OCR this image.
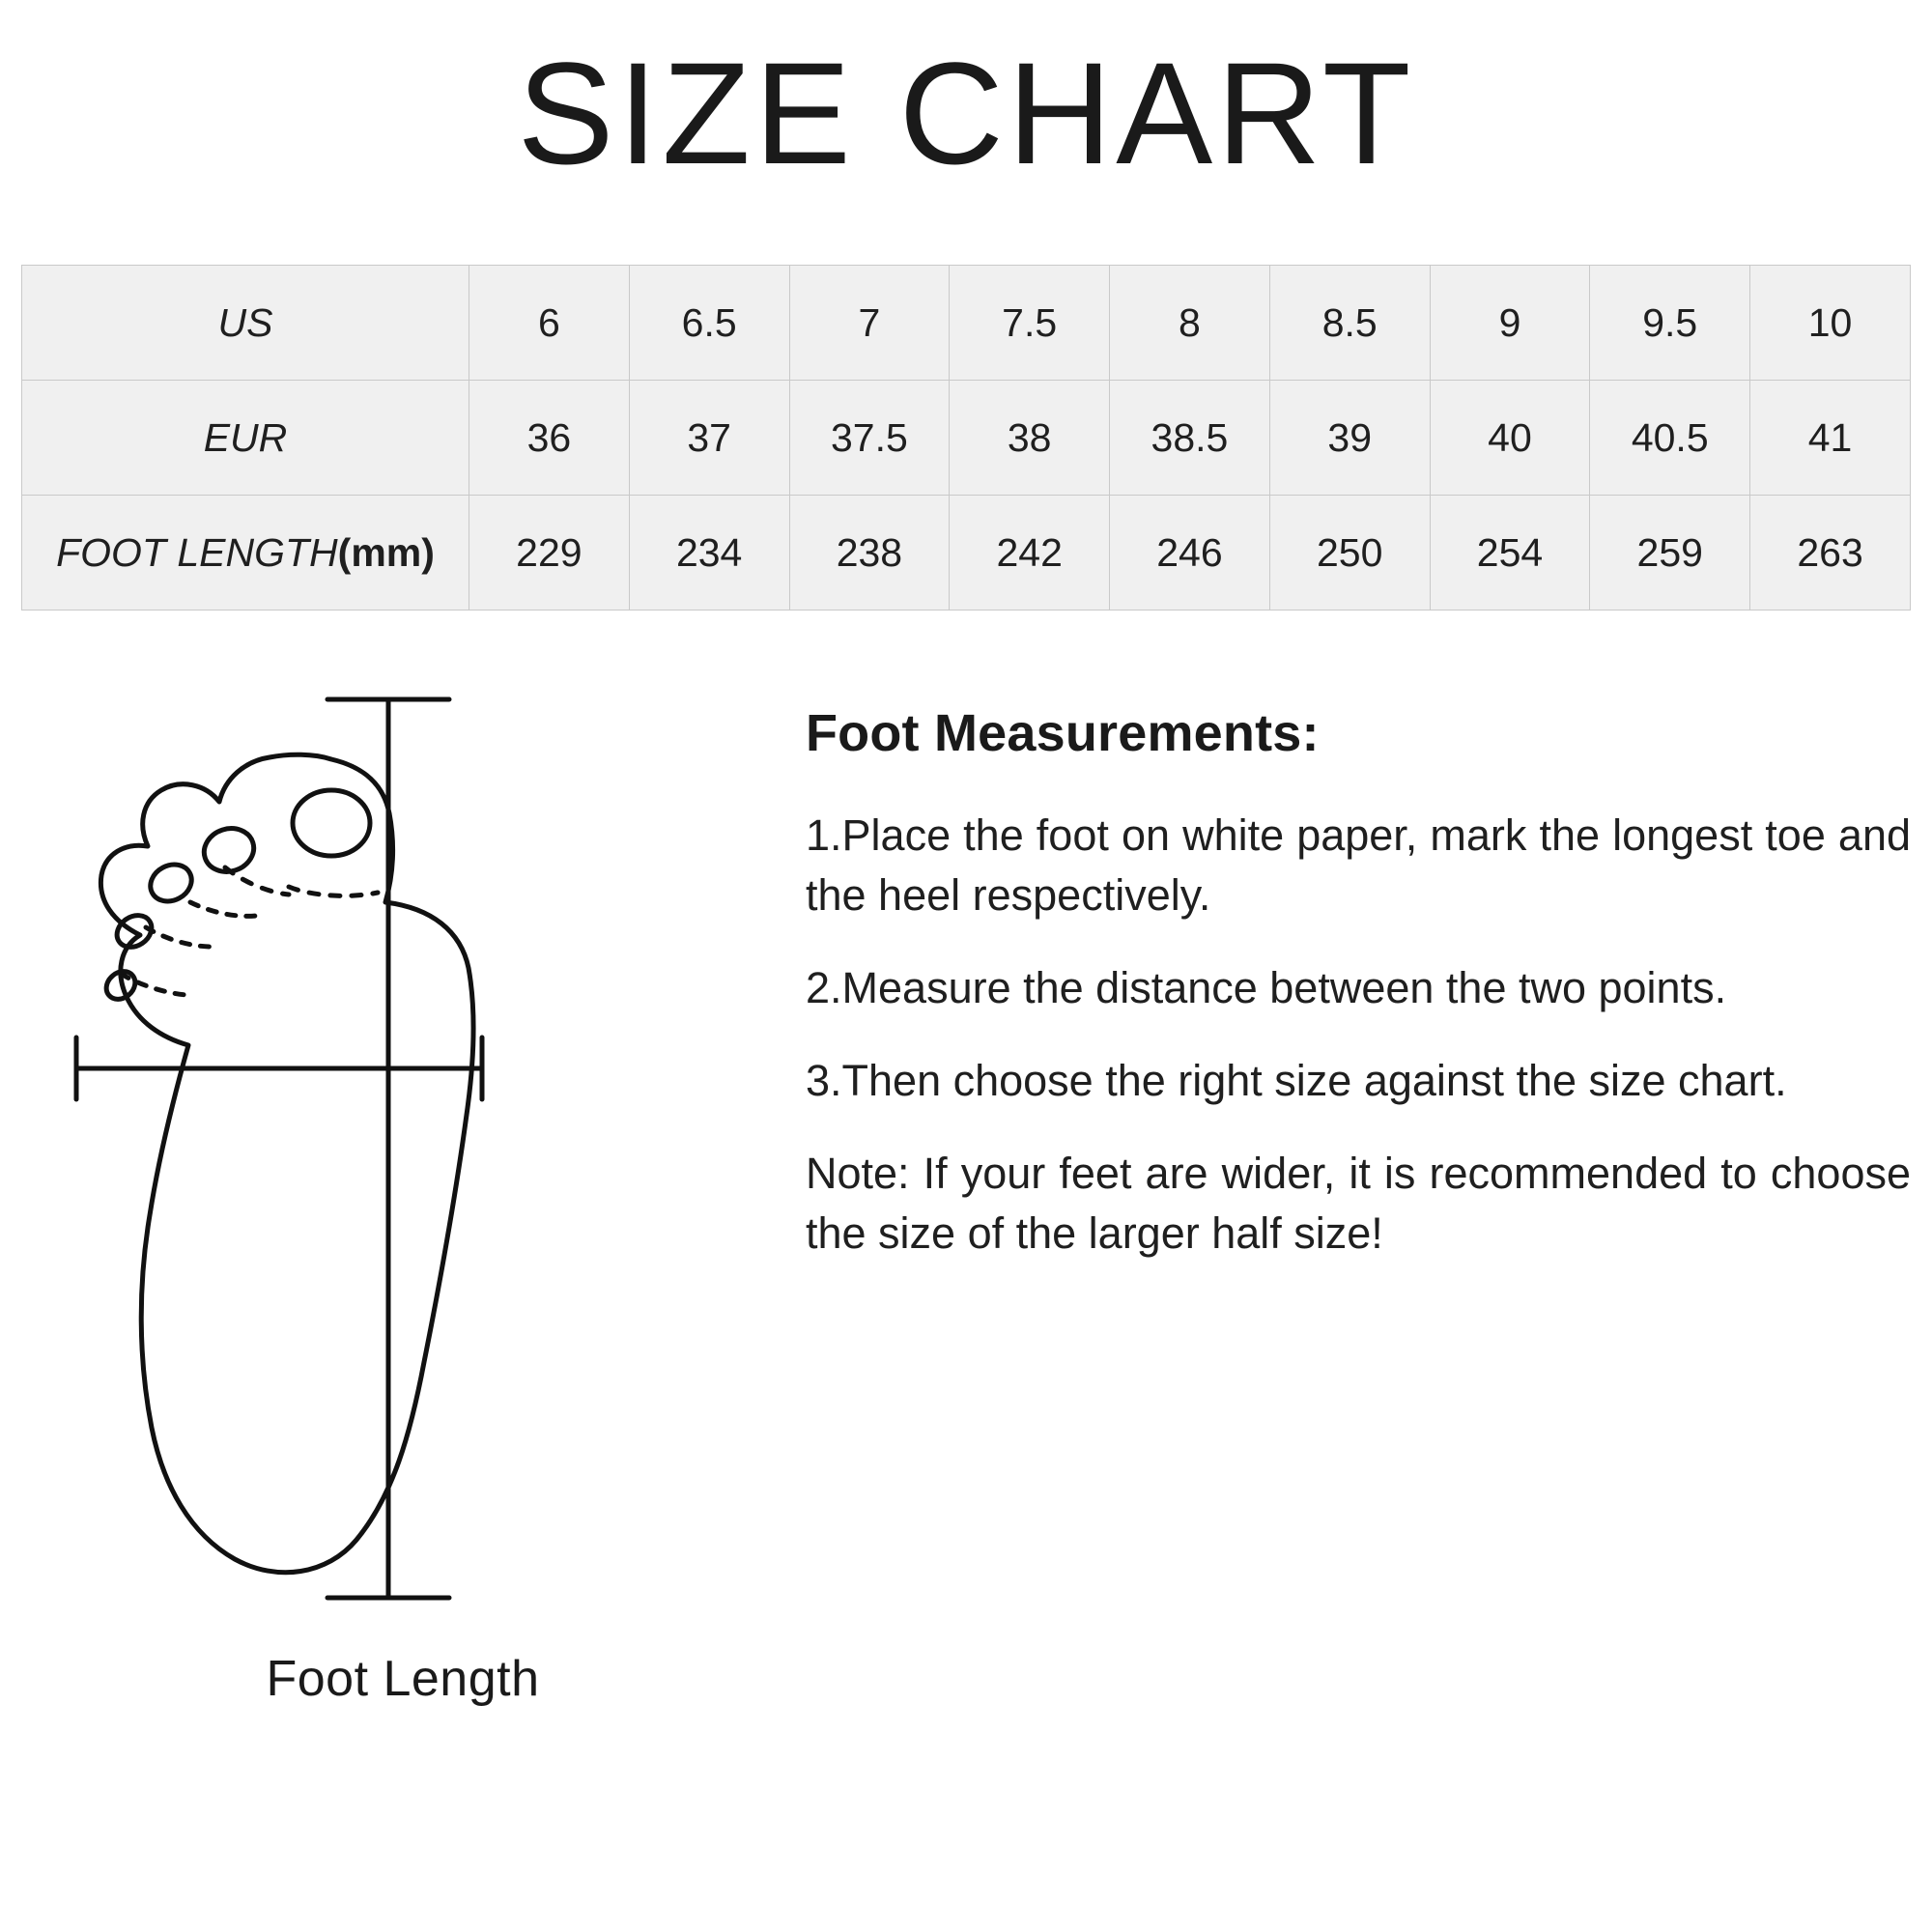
SIZE CHART
US	6	6.5	7	7.5	8	8.5	9	9.5	10
EUR	36	37	37.5	38	38.5	39	40	40.5	41
FOOT LENGTH(mm)	229	234	238	242	246	250	254	259	263
Foot Length
Foot Measurements:

1.Place the foot on white paper, mark the longest toe and the heel respectively.

2.Measure the distance between the two points.

3.Then choose the right size against the size chart.

Note: If your feet are wider, it is recommended to choose the size of the larger half size!
